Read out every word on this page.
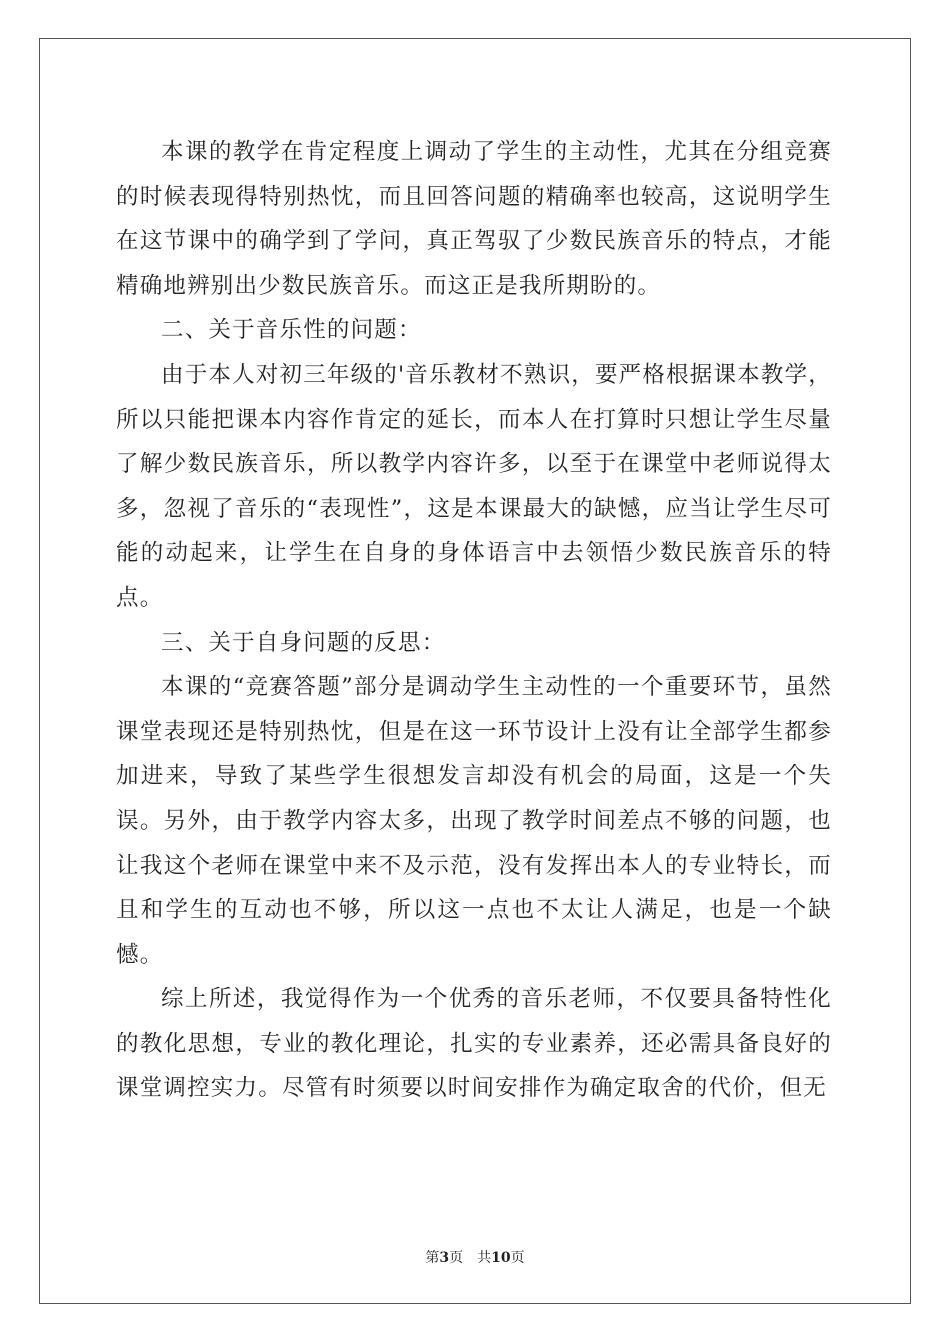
本课的教学在肯定程度上调动了学生的主动性，尤其在分组竞赛的时候表现得特别热忱，而且回答问题的精确率也较高，这说明学生在这节课中的确学到了学问，真正驾驭了少数民族音乐的特点，才能精确地辨别出少数民族音乐。而这正是我所期盼的。

二、关于音乐性的问题：

由于本人对初三年级的'音乐教材不熟识，要严格根据课本教学，所以只能把课本内容作肯定的延长，而本人在打算时只想让学生尽量了解少数民族音乐，所以教学内容许多，以至于在课堂中老师说得太多，忽视了音乐的“表现性”，这是本课最大的缺憾，应当让学生尽可能的动起来，让学生在自身的身体语言中去领悟少数民族音乐的特点。

三、关于自身问题的反思：

本课的“竞赛答题”部分是调动学生主动性的一个重要环节，虽然课堂表现还是特别热忱，但是在这一环节设计上没有让全部学生都参加进来，导致了某些学生很想发言却没有机会的局面，这是一个失误。另外，由于教学内容太多，出现了教学时间差点不够的问题，也让我这个老师在课堂中来不及示范，没有发挥出本人的专业特长，而且和学生的互动也不够，所以这一点也不太让人满足，也是一个缺憾。

综上所述，我觉得作为一个优秀的音乐老师，不仅要具备特性化的教化思想，专业的教化理论，扎实的专业素养，还必需具备良好的课堂调控实力。尽管有时须要以时间安排作为确定取舍的代价，但无

第3页 共10页
